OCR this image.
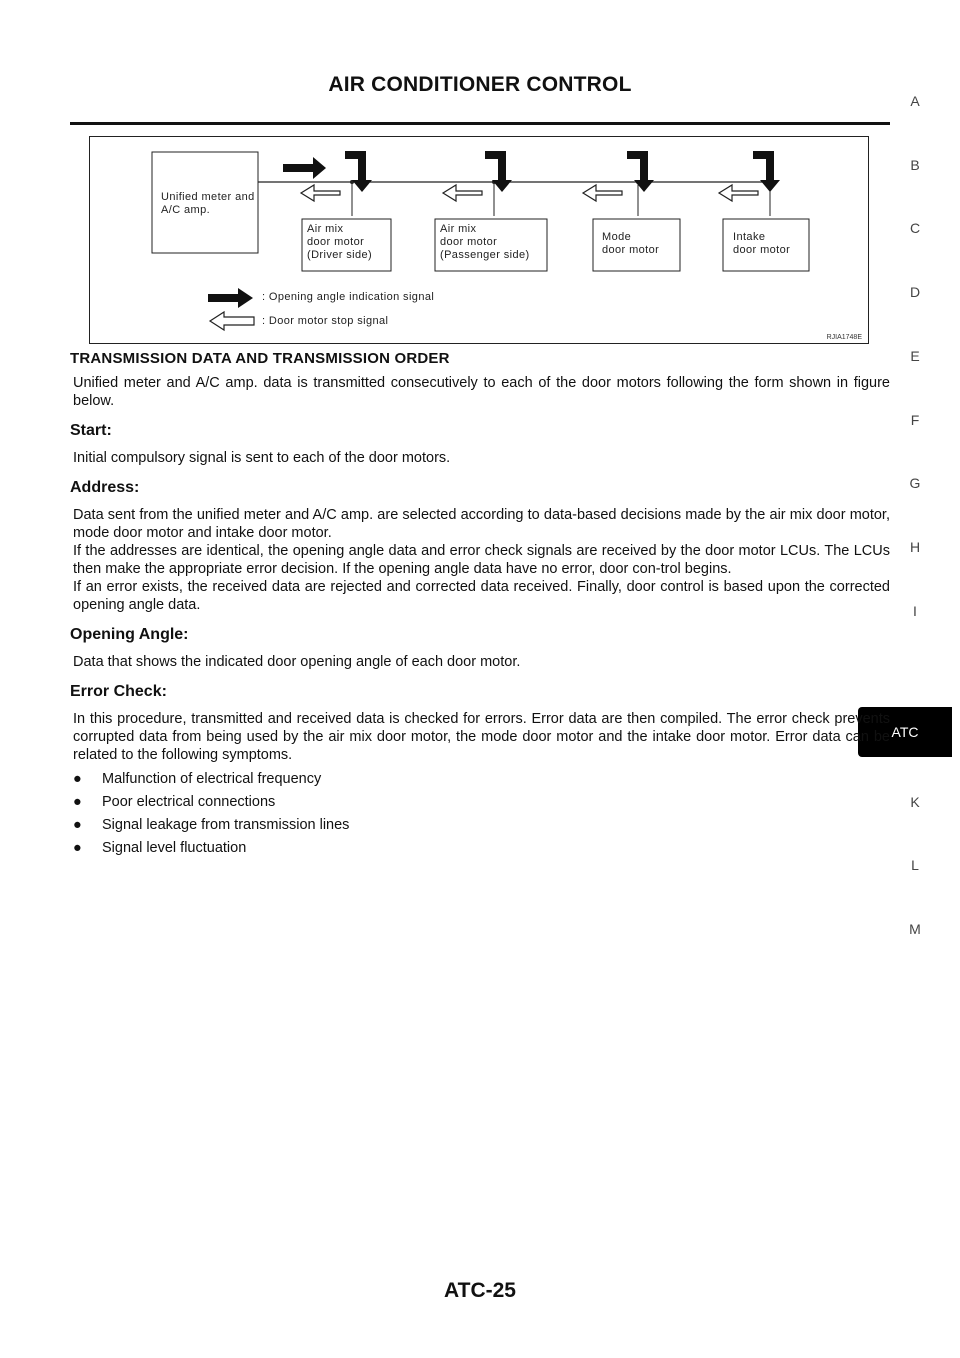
AIR CONDITIONER CONTROL
A
B
C
D
E
F
G
H
I
ATC
K
L
M
Unified meter and
A/C amp.
Air mix
door motor
(Driver side)
Air mix
door motor
(Passenger side)
Mode
door motor
Intake
door motor
: Opening angle indication signal
: Door motor stop signal
RJIA1748E
TRANSMISSION DATA AND TRANSMISSION ORDER

Unified meter and A/C amp. data is transmitted consecutively to each of the door motors following the form shown in figure below.

Start:

Initial compulsory signal is sent to each of the door motors.

Address:

Data sent from the unified meter and A/C amp. are selected according to data-based decisions made by the air mix door motor, mode door motor and intake door motor.

If the addresses are identical, the opening angle data and error check signals are received by the door motor LCUs. The LCUs then make the appropriate error decision. If the opening angle data have no error, door con-trol begins.

If an error exists, the received data are rejected and corrected data received. Finally, door control is based upon the corrected opening angle data.

Opening Angle:

Data that shows the indicated door opening angle of each door motor.

Error Check:

In this procedure, transmitted and received data is checked for errors. Error data are then compiled. The error check prevents corrupted data from being used by the air mix door motor, the mode door motor and the intake door motor. Error data can be related to the following symptoms.

● Malfunction of electrical frequency
● Poor electrical connections
● Signal leakage from transmission lines
● Signal level fluctuation
ATC-25
